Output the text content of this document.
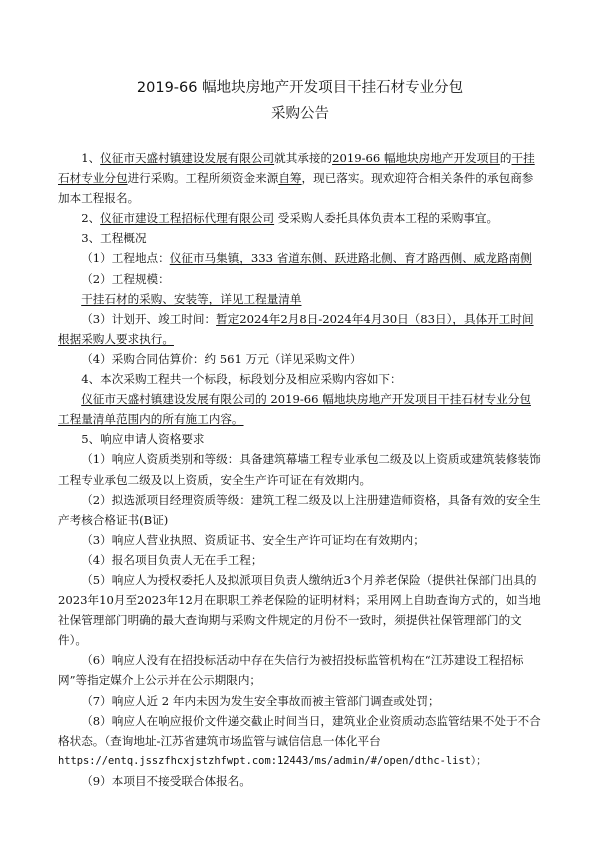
2019-66 幅地块房地产开发项目干挂石材专业分包
采购公告

1、仪征市天盛村镇建设发展有限公司就其承接的2019-66 幅地块房地产开发项目的干挂石材专业分包进行采购。工程所须资金来源自筹，现已落实。现欢迎符合相关条件的承包商参加本工程报名。

2、仪征市建设工程招标代理有限公司 受采购人委托具体负责本工程的采购事宜。

3、工程概况

（1）工程地点：仪征市马集镇，333 省道东侧、跃进路北侧、育才路西侧、威龙路南侧

（2）工程规模：

干挂石材的采购、安装等，详见工程量清单

（3）计划开、竣工时间：暂定2024年2月8日-2024年4月30日（83日），具体开工时间根据采购人要求执行。

（4）采购合同估算价：约 561 万元（详见采购文件）

4、本次采购工程共一个标段，标段划分及相应采购内容如下：

仪征市天盛村镇建设发展有限公司的 2019-66 幅地块房地产开发项目干挂石材专业分包工程量清单范围内的所有施工内容。

5、响应申请人资格要求

（1）响应人资质类别和等级：具备建筑幕墙工程专业承包二级及以上资质或建筑装修装饰工程专业承包二级及以上资质，安全生产许可证在有效期内。

（2）拟选派项目经理资质等级：建筑工程二级及以上注册建造师资格，具备有效的安全生产考核合格证书(B证)

（3）响应人营业执照、资质证书、安全生产许可证均在有效期内；

（4）报名项目负责人无在手工程；

（5）响应人为授权委托人及拟派项目负责人缴纳近3个月养老保险（提供社保部门出具的2023年10月至2023年12月在职职工养老保险的证明材料；采用网上自助查询方式的，如当地社保管理部门明确的最大查询期与采购文件规定的月份不一致时，须提供社保管理部门的文件）。

（6）响应人没有在招投标活动中存在失信行为被招投标监管机构在“江苏建设工程招标网”等指定媒介上公示并在公示期限内；

（7）响应人近 2 年内未因为发生安全事故而被主管部门调查或处罚；

（8）响应人在响应报价文件递交截止时间当日，建筑业企业资质动态监管结果不处于不合格状态。（查询地址-江苏省建筑市场监管与诚信信息一体化平台

https://entq.jsszfhcxjstzhfwpt.com:12443/ms/admin/#/open/dthc-list）；

（9）本项目不接受联合体报名。
